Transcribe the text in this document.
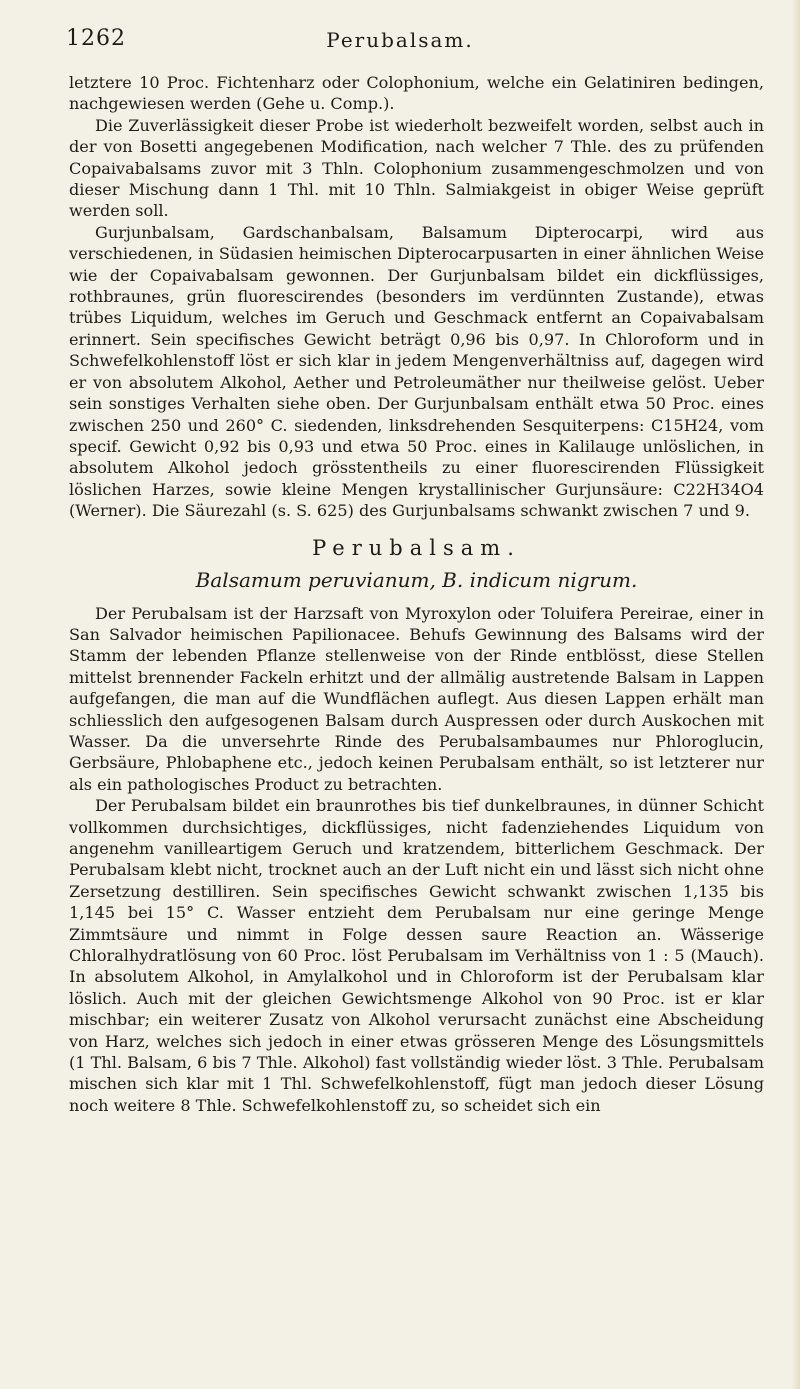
1262	Perubalsam.

letztere 10 Proc. Fichtenharz oder Colophonium, welche ein Gelatiniren bedingen, nachgewiesen werden (Gehe u. Comp.).

Die Zuverlässigkeit dieser Probe ist wiederholt bezweifelt worden, selbst auch in der von Bosetti angegebenen Modification, nach welcher 7 Thle. des zu prüfenden Copaivabalsams zuvor mit 3 Thln. Colophonium zusammengeschmolzen und von dieser Mischung dann 1 Thl. mit 10 Thln. Salmiakgeist in obiger Weise geprüft werden soll.

Gurjunbalsam, Gardschanbalsam, Balsamum Dipterocarpi, wird aus verschiedenen, in Südasien heimischen Dipterocarpusarten in einer ähnlichen Weise wie der Copaivabalsam gewonnen. Der Gurjunbalsam bildet ein dickflüssiges, rothbraunes, grün fluorescirendes (besonders im verdünnten Zustande), etwas trübes Liquidum, welches im Geruch und Geschmack entfernt an Copaivabalsam erinnert. Sein specifisches Gewicht beträgt 0,96 bis 0,97. In Chloroform und in Schwefelkohlenstoff löst er sich klar in jedem Mengenverhältniss auf, dagegen wird er von absolutem Alkohol, Aether und Petroleumäther nur theilweise gelöst. Ueber sein sonstiges Verhalten siehe oben. Der Gurjunbalsam enthält etwa 50 Proc. eines zwischen 250 und 260° C. siedenden, linksdrehenden Sesquiterpens: C15H24, vom specif. Gewicht 0,92 bis 0,93 und etwa 50 Proc. eines in Kalilauge unlöslichen, in absolutem Alkohol jedoch grösstentheils zu einer fluorescirenden Flüssigkeit löslichen Harzes, sowie kleine Mengen krystallinischer Gurjunsäure: C22H34O4 (Werner). Die Säurezahl (s. S. 625) des Gurjunbalsams schwankt zwischen 7 und 9.

Perubalsam.
Balsamum peruvianum, B. indicum nigrum.

Der Perubalsam ist der Harzsaft von Myroxylon oder Toluifera Pereirae, einer in San Salvador heimischen Papilionacee. Behufs Gewinnung des Balsams wird der Stamm der lebenden Pflanze stellenweise von der Rinde entblösst, diese Stellen mittelst brennender Fackeln erhitzt und der allmälig austretende Balsam in Lappen aufgefangen, die man auf die Wundflächen auflegt. Aus diesen Lappen erhält man schliesslich den aufgesogenen Balsam durch Auspressen oder durch Auskochen mit Wasser. Da die unversehrte Rinde des Perubalsambaumes nur Phloroglucin, Gerbsäure, Phlobaphene etc., jedoch keinen Perubalsam enthält, so ist letzterer nur als ein pathologisches Product zu betrachten.

Der Perubalsam bildet ein braunrothes bis tief dunkelbraunes, in dünner Schicht vollkommen durchsichtiges, dickflüssiges, nicht fadenziehendes Liquidum von angenehm vanilleartigem Geruch und kratzendem, bitterlichem Geschmack. Der Perubalsam klebt nicht, trocknet auch an der Luft nicht ein und lässt sich nicht ohne Zersetzung destilliren. Sein specifisches Gewicht schwankt zwischen 1,135 bis 1,145 bei 15° C. Wasser entzieht dem Perubalsam nur eine geringe Menge Zimmtsäure und nimmt in Folge dessen saure Reaction an. Wässerige Chloralhydratlösung von 60 Proc. löst Perubalsam im Verhältniss von 1 : 5 (Mauch). In absolutem Alkohol, in Amylalkohol und in Chloroform ist der Perubalsam klar löslich. Auch mit der gleichen Gewichtsmenge Alkohol von 90 Proc. ist er klar mischbar; ein weiterer Zusatz von Alkohol verursacht zunächst eine Abscheidung von Harz, welches sich jedoch in einer etwas grösseren Menge des Lösungsmittels (1 Thl. Balsam, 6 bis 7 Thle. Alkohol) fast vollständig wieder löst. 3 Thle. Perubalsam mischen sich klar mit 1 Thl. Schwefelkohlenstoff, fügt man jedoch dieser Lösung noch weitere 8 Thle. Schwefelkohlenstoff zu, so scheidet sich ein
